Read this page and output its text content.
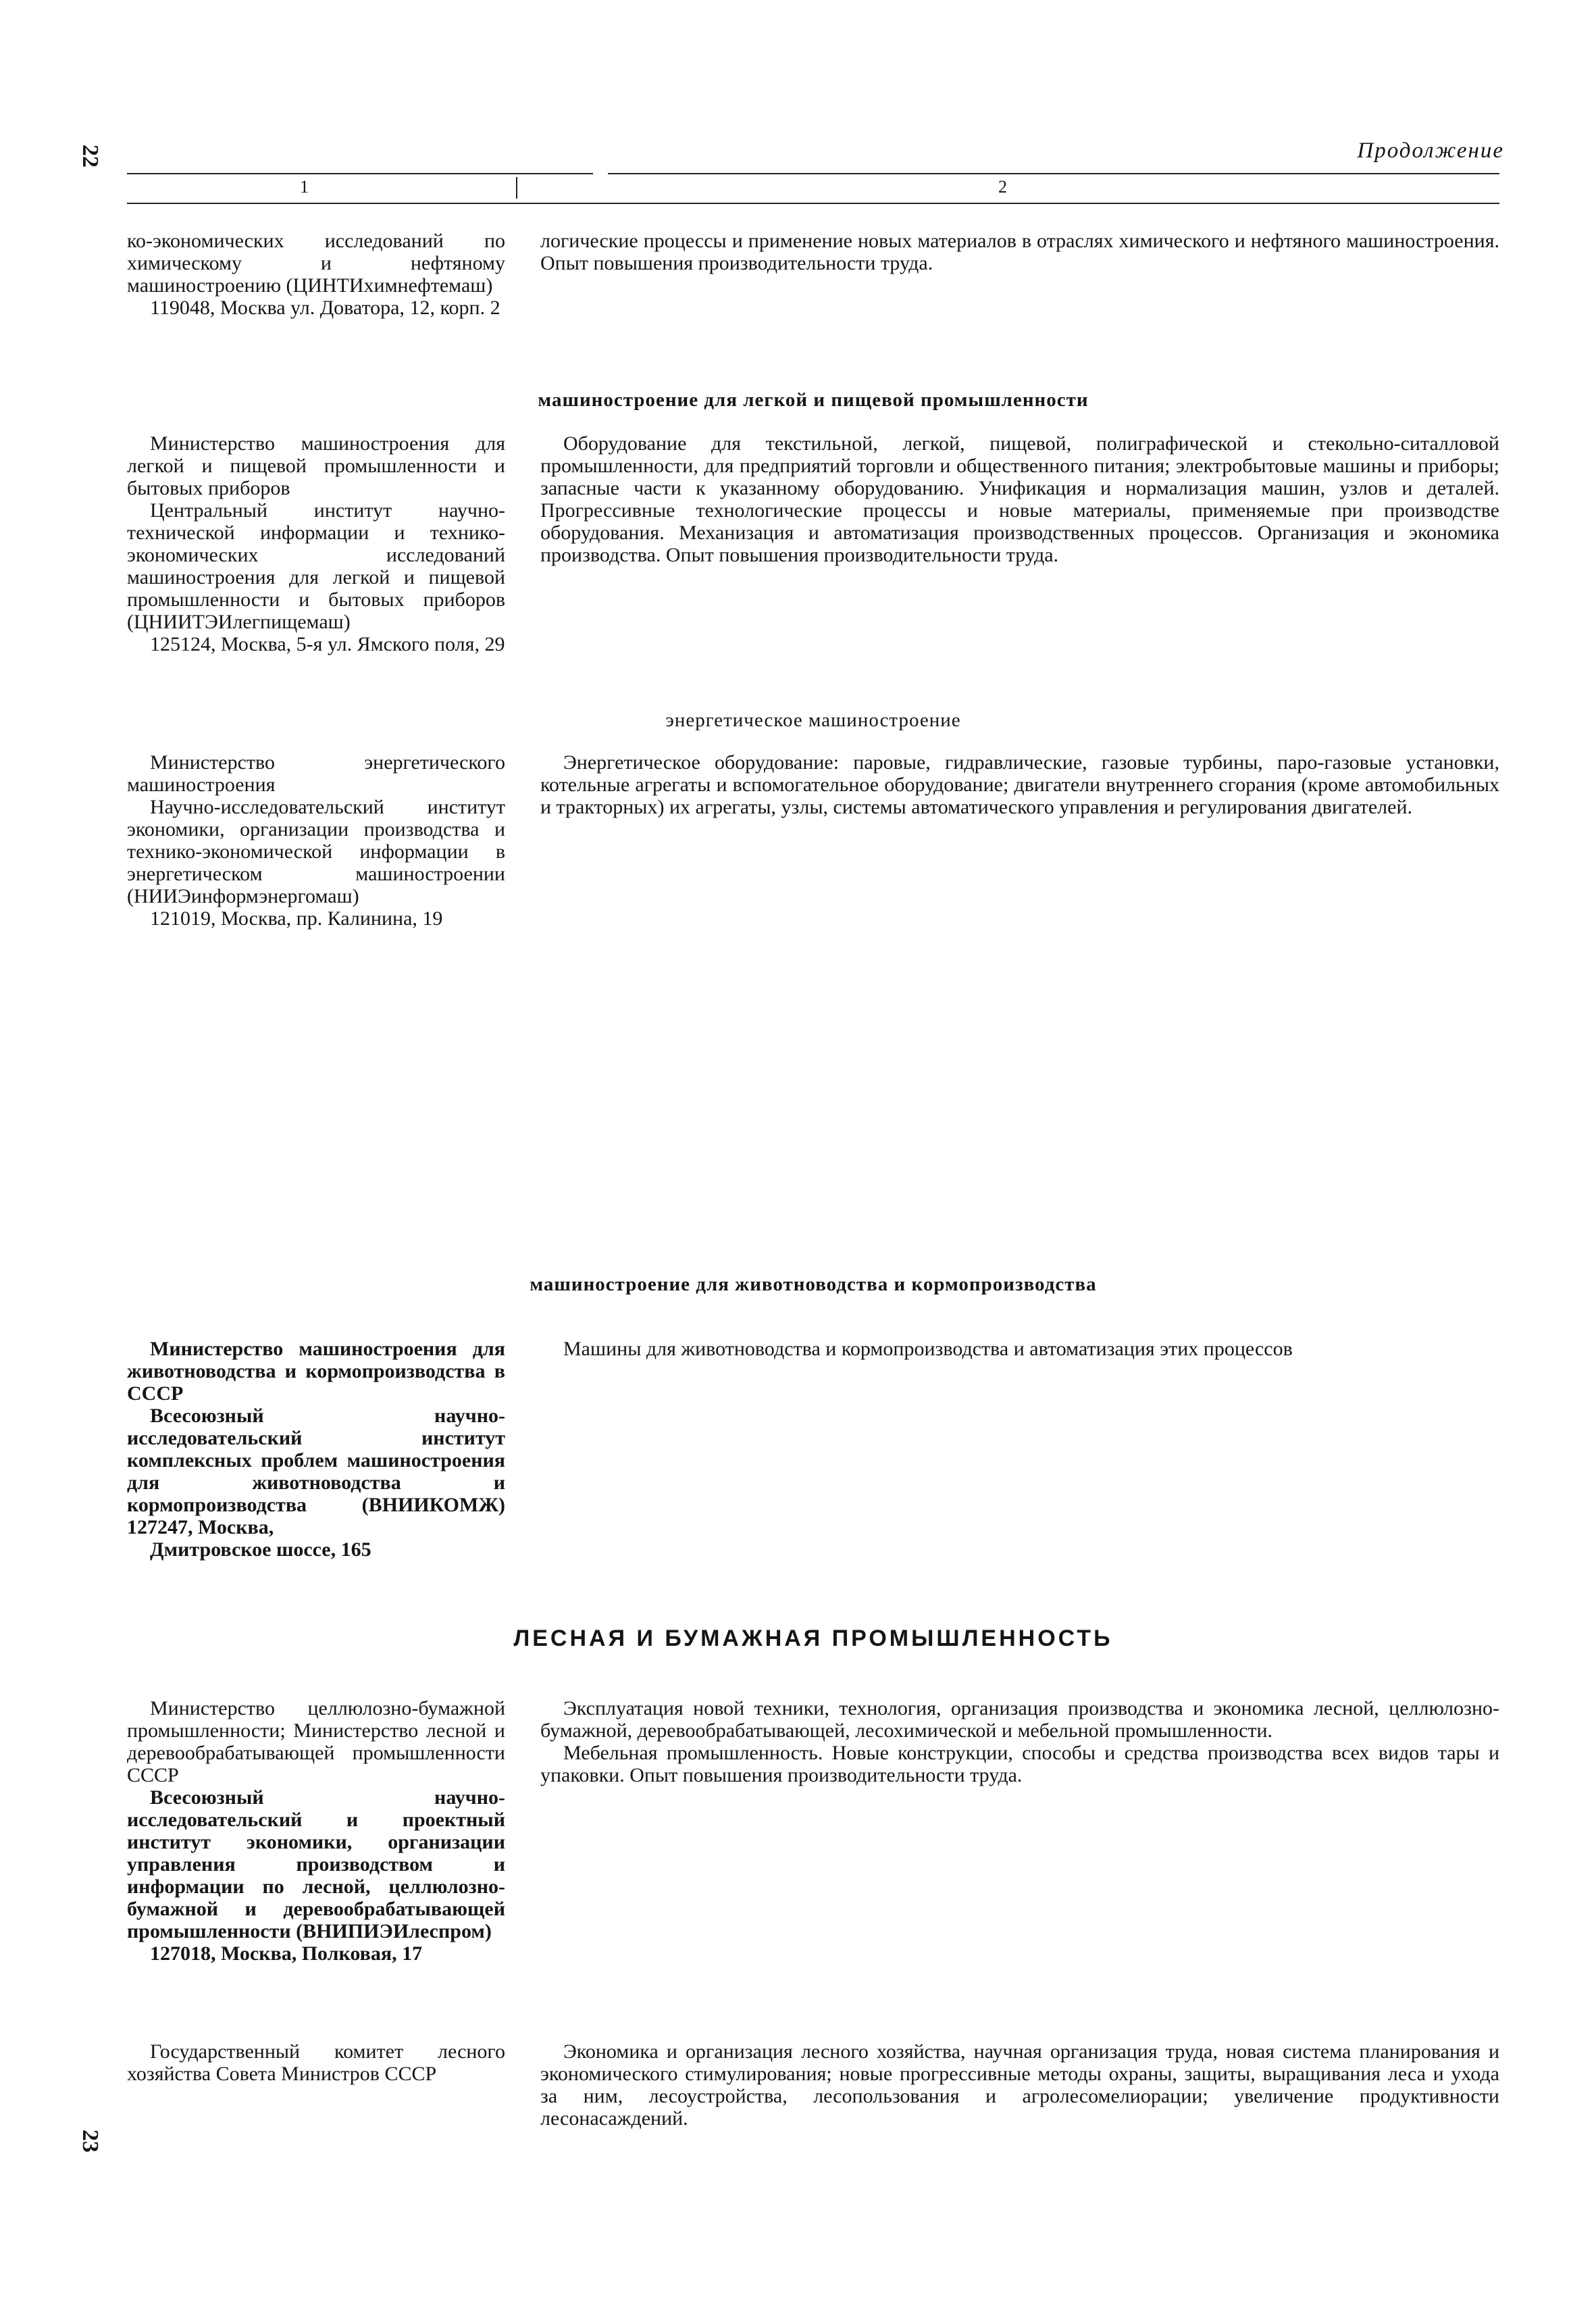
22	Продолжение
1	2

ко-экономических исследований по химическому и нефтяному машиностроению (ЦИНТИхимнефтемаш)

119048, Москва ул. Доватора, 12, корп. 2

логические процессы и применение новых материалов в отраслях химического и нефтяного машиностроения. Опыт повышения производительности труда.

машиностроение для легкой и пищевой промышленности

Министерство машиностроения для легкой и пищевой промышленности и бытовых приборов

Центральный институт научно-технической информации и технико-экономических исследований машиностроения для легкой и пищевой промышленности и бытовых приборов (ЦНИИТЭИлегпищемаш)

125124, Москва, 5-я ул. Ямского поля, 29

Оборудование для текстильной, легкой, пищевой, полиграфической и стекольно-ситалловой промышленности, для предприятий торговли и общественного питания; электробытовые машины и приборы; запасные части к указанному оборудованию. Унификация и нормализация машин, узлов и деталей. Прогрессивные технологические процессы и новые материалы, применяемые при производстве оборудования. Механизация и автоматизация производственных процессов. Организация и экономика производства. Опыт повышения производительности труда.

энергетическое машиностроение

Министерство энергетического машиностроения

Научно-исследовательский институт экономики, организации производства и технико-экономической информации в энергетическом машиностроении (НИИЭинформэнергомаш)

121019, Москва, пр. Калинина, 19

Энергетическое оборудование: паровые, гидравлические, газовые турбины, паро-газовые установки, котельные агрегаты и вспомогательное оборудование; двигатели внутреннего сгорания (кроме автомобильных и тракторных) их агрегаты, узлы, системы автоматического управления и регулирования двигателей.

машиностроение для животноводства и кормопроизводства

Министерство машиностроения для животноводства и кормопроизводства в СССР

Всесоюзный научно-исследовательский институт комплексных проблем машиностроения для животноводства и кормопроизводства (ВНИИКОМЖ) 127247, Москва,

Дмитровское шоссе, 165

Машины для животноводства и кормопроизводства и автоматизация этих процессов

ЛЕСНАЯ И БУМАЖНАЯ ПРОМЫШЛЕННОСТЬ

Министерство целлюлозно-бумажной промышленности; Министерство лесной и деревообрабатывающей промышленности СССР

Всесоюзный научно-исследовательский и проектный институт экономики, организации управления производством и информации по лесной, целлюлозно-бумажной и деревообрабатывающей промышленности (ВНИПИЭИлеспром)

127018, Москва, Полковая, 17

Эксплуатация новой техники, технология, организация производства и экономика лесной, целлюлозно-бумажной, деревообрабатывающей, лесохимической и мебельной промышленности.

Мебельная промышленность. Новые конструкции, способы и средства производства всех видов тары и упаковки. Опыт повышения производительности труда.

Государственный комитет лесного хозяйства Совета Министров СССР

Экономика и организация лесного хозяйства, научная организация труда, новая система планирования и экономического стимулирования; новые прогрессивные методы охраны, защиты, выращивания леса и ухода за ним, лесоустройства, лесопользования и агролесомелиорации; увеличение продуктивности лесонасаждений.

23
